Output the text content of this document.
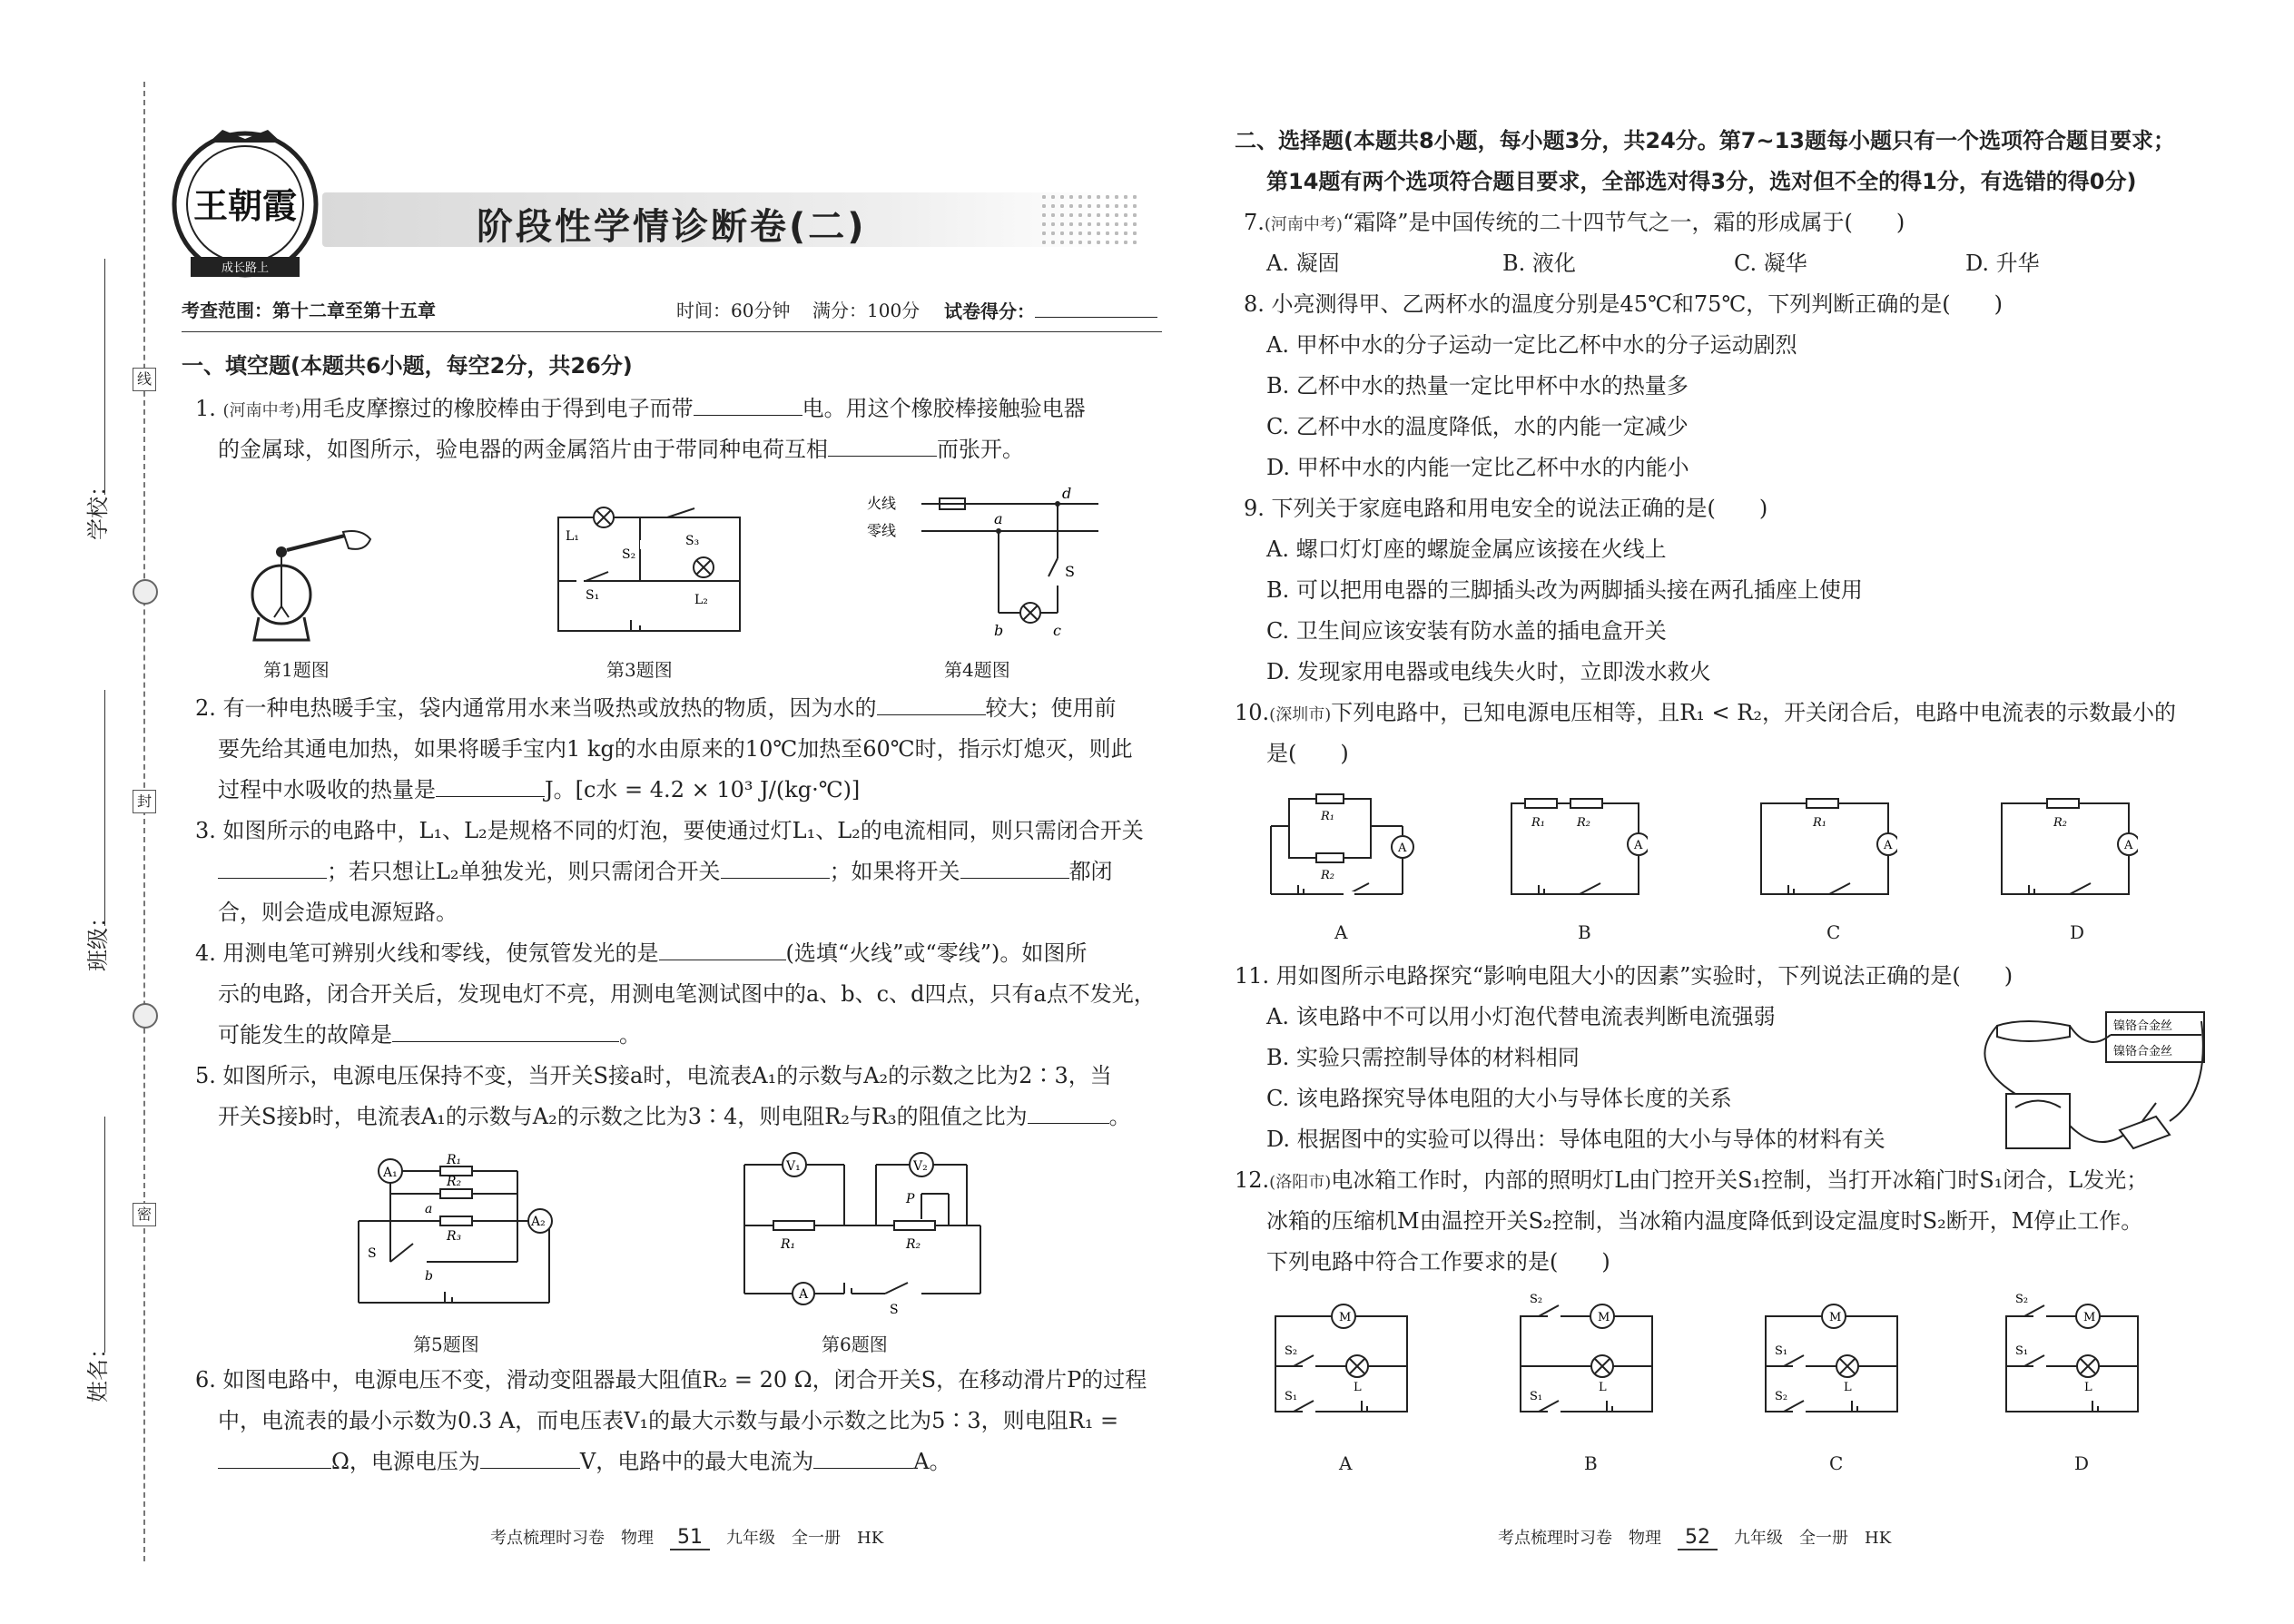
学校：
班级：
姓名：
线
封
密
成长路上
王朝霞
阶段性学情诊断卷(二)
考查范围：第十二章至第十五章	时间：60分钟 满分：100分 试卷得分：
一、填空题(本题共6小题，每空2分，共26分)
1. (河南中考)用毛皮摩擦过的橡胶棒由于得到电子而带	电。用这个橡胶棒接触验电器
的金属球，如图所示，验电器的两金属箔片由于带同种电荷互相	而张开。
第1题图
L₁
S₂
S₃
S₁	L₂
第3题图
火线
零线
a
d
b	c
S
第4题图
2. 有一种电热暖手宝，袋内通常用水来当吸热或放热的物质，因为水的	较大；使用前
要先给其通电加热，如果将暖手宝内1 kg的水由原来的10℃加热至60℃时，指示灯熄灭，则此
过程中水吸收的热量是	J。[c水 = 4.2 × 10³ J/(kg·℃)]
3. 如图所示的电路中，L₁、L₂是规格不同的灯泡，要使通过灯L₁、L₂的电流相同，则只需闭合开关
；若只想让L₂单独发光，则只需闭合开关	；如果将开关	都闭
合，则会造成电源短路。
4. 用测电笔可辨别火线和零线，使氖管发光的是	(选填“火线”或“零线”)。如图所
示的电路，闭合开关后，发现电灯不亮，用测电笔测试图中的a、b、c、d四点，只有a点不发光，
可能发生的故障是	。
5. 如图所示，电源电压保持不变，当开关S接a时，电流表A₁的示数与A₂的示数之比为2∶3，当
开关S接b时，电流表A₁的示数与A₂的示数之比为3∶4，则电阻R₂与R₃的阻值之比为	。
A₁
A₂
R₁
R₂
R₃
a
b
S
第5题图
V₁	V₂
A
P
R₁	R₂
S
第6题图
6. 如图电路中，电源电压不变，滑动变阻器最大阻值R₂ = 20 Ω，闭合开关S，在移动滑片P的过程
中，电流表的最小示数为0.3 A，而电压表V₁的最大示数与最小示数之比为5∶3，则电阻R₁ =
Ω，电源电压为	V，电路中的最大电流为	A。
考点梳理时习卷　物理　 51　 九年级　全一册　HK
二、选择题(本题共8小题，每小题3分，共24分。第7~13题每小题只有一个选项符合题目要求；
第14题有两个选项符合题目要求，全部选对得3分，选对但不全的得1分，有选错的得0分)
7.(河南中考)“霜降”是中国传统的二十四节气之一，霜的形成属于(　　)
A. 凝固	B. 液化	C. 凝华	D. 升华
8. 小亮测得甲、乙两杯水的温度分别是45℃和75℃，下列判断正确的是(　　)
A. 甲杯中水的分子运动一定比乙杯中水的分子运动剧烈
B. 乙杯中水的热量一定比甲杯中水的热量多
C. 乙杯中水的温度降低，水的内能一定减少
D. 甲杯中水的内能一定比乙杯中水的内能小
9. 下列关于家庭电路和用电安全的说法正确的是(　　)
A. 螺口灯灯座的螺旋金属应该接在火线上
B. 可以把用电器的三脚插头改为两脚插头接在两孔插座上使用
C. 卫生间应该安装有防水盖的插电盒开关
D. 发现家用电器或电线失火时，立即泼水救火
10.(深圳市)下列电路中，已知电源电压相等，且R₁ < R₂，开关闭合后，电路中电流表的示数最小的
是(　　)
A
R₁
R₂
A
R₁	R₂
A
R₁
A
R₂
A	B	C	D
11. 用如图所示电路探究“影响电阻大小的因素”实验时，下列说法正确的是(　　)
A. 该电路中不可以用小灯泡代替电流表判断电流强弱
B. 实验只需控制导体的材料相同
C. 该电路探究导体电阻的大小与导体长度的关系
D. 根据图中的实验可以得出：导体电阻的大小与导体的材料有关
镍铬合金丝
镍铬合金丝
12.(洛阳市)电冰箱工作时，内部的照明灯L由门控开关S₁控制，当打开冰箱门时S₁闭合，L发光；
冰箱的压缩机M由温控开关S₂控制，当冰箱内温度降低到设定温度时S₂断开，M停止工作。
下列电路中符合工作要求的是(　　)
M
S₂
S₁
L
M
S₂
S₁
L
M
S₁
S₂
L
M
S₂
S₁
L
A	B	C	D
考点梳理时习卷　物理　 52　 九年级　全一册　HK
